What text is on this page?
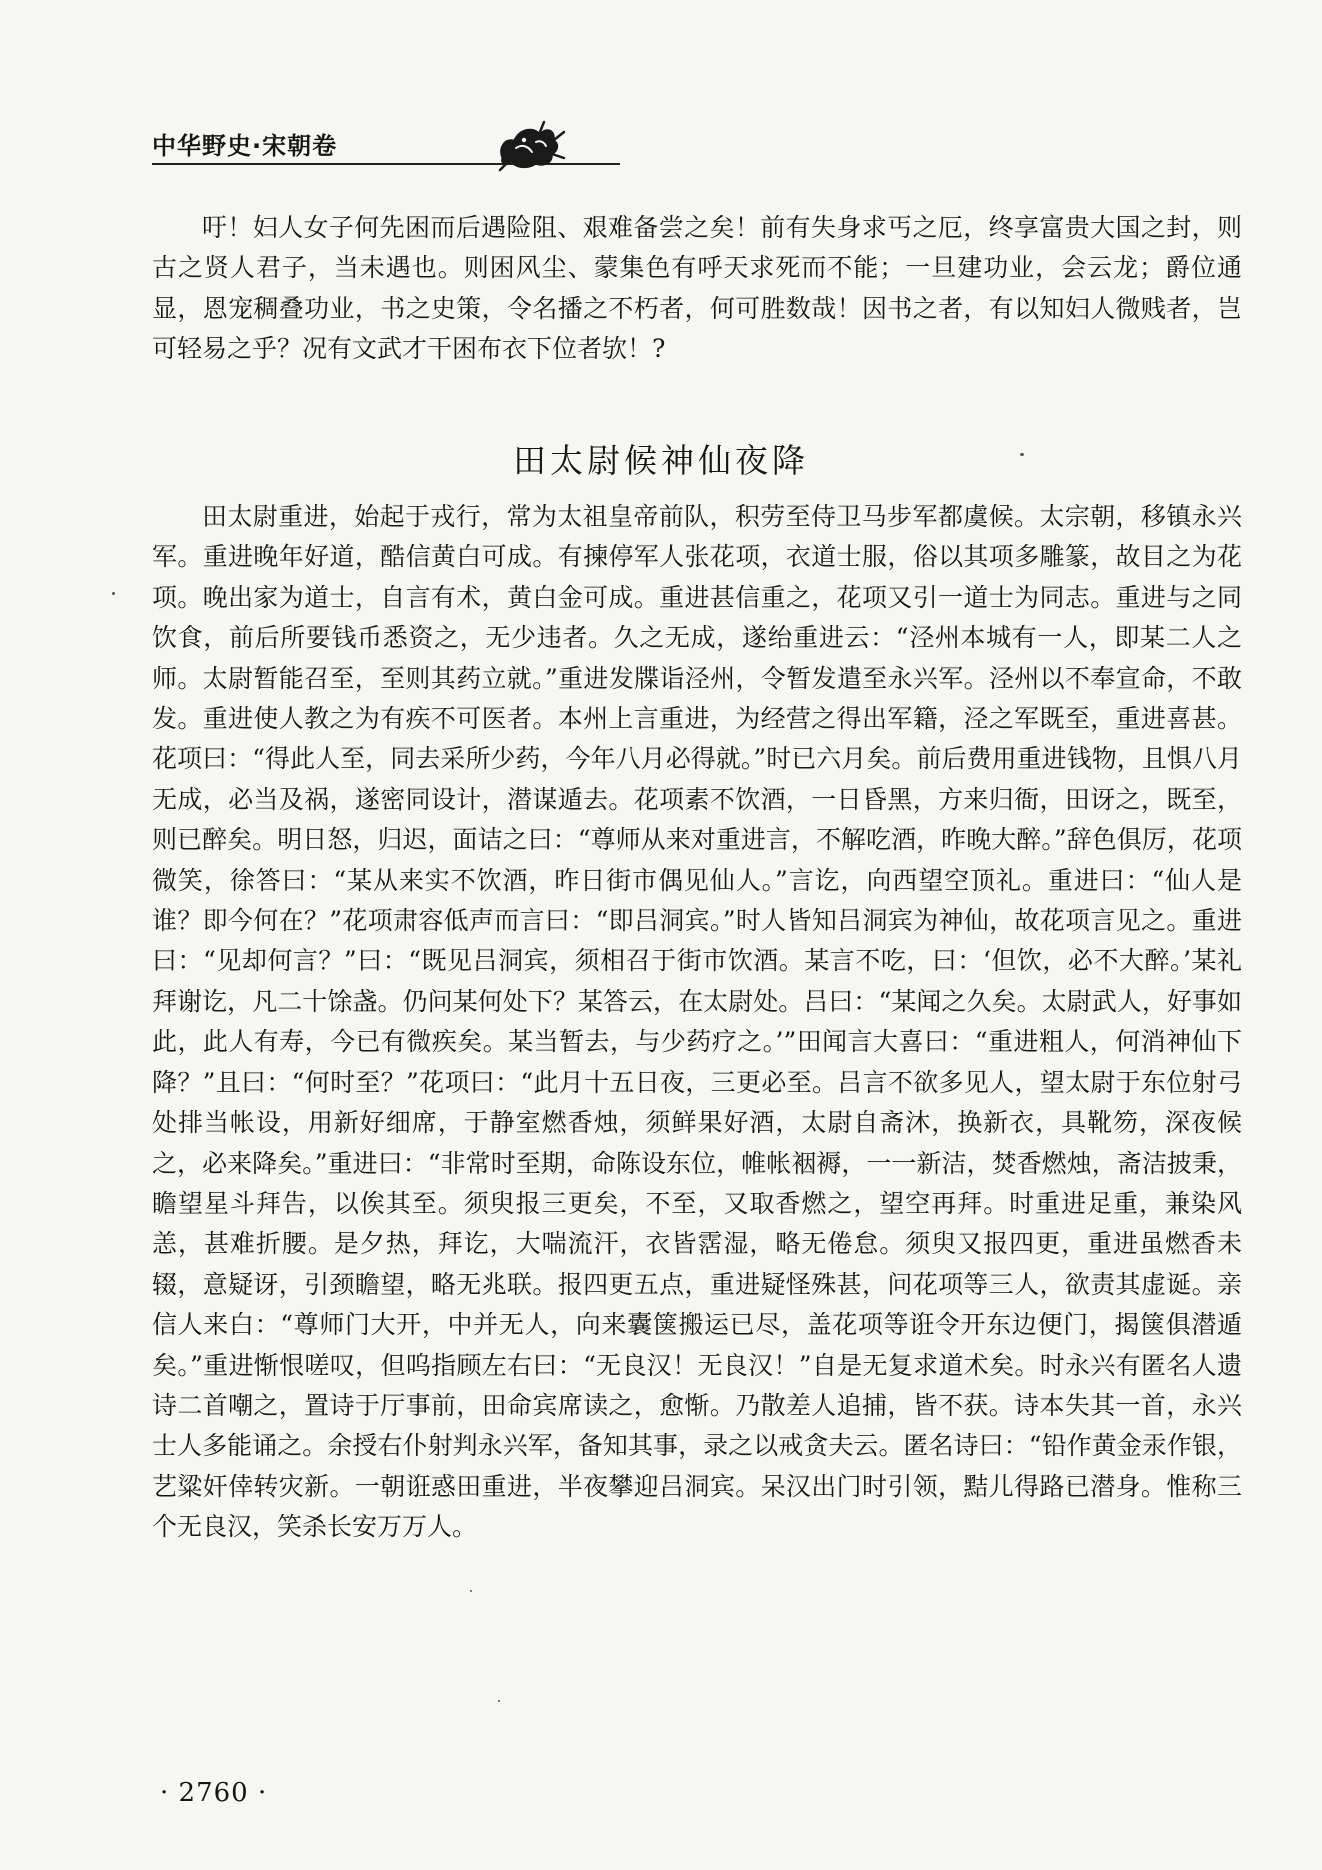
中华野史·宋朝卷

吁！妇人女子何先困而后遇险阻、艰难备尝之矣！前有失身求丐之厄，终享富贵大国之封，则古之贤人君子，当未遇也。则困风尘、蒙集色有呼天求死而不能；一旦建功业，会云龙；爵位通显，恩宠稠叠功业，书之史策，令名播之不朽者，何可胜数哉！因书之者，有以知妇人微贱者，岂可轻易之乎？况有文武才干困布衣下位者欤！?

田太尉候神仙夜降

田太尉重进，始起于戎行，常为太祖皇帝前队，积劳至侍卫马步军都虞候。太宗朝，移镇永兴军。重进晚年好道，酷信黄白可成。有揀停军人张花项，衣道士服，俗以其项多雕篆，故目之为花项。晚出家为道士，自言有术，黄白金可成。重进甚信重之，花项又引一道士为同志。重进与之同饮食，前后所要钱币悉资之，无少违者。久之无成，遂绐重进云：“泾州本城有一人，即某二人之师。太尉暂能召至，至则其药立就。”重进发牒诣泾州，令暂发遣至永兴军。泾州以不奉宣命，不敢发。重进使人教之为有疾不可医者。本州上言重进，为经营之得出军籍，泾之军既至，重进喜甚。花项曰：“得此人至，同去采所少药，今年八月必得就。”时已六月矣。前后费用重进钱物，且惧八月无成，必当及祸，遂密同设计，潜谋遁去。花项素不饮酒，一日昏黑，方来归衙，田讶之，既至，则已醉矣。明日怒，归迟，面诘之曰：“尊师从来对重进言，不解吃酒，昨晚大醉。”辞色俱厉，花项微笑，徐答曰：“某从来实不饮酒，昨日街市偶见仙人。”言讫，向西望空顶礼。重进曰：“仙人是谁？即今何在？”花项肃容低声而言曰：“即吕洞宾。”时人皆知吕洞宾为神仙，故花项言见之。重进曰：“见却何言？”曰：“既见吕洞宾，须相召于街市饮酒。某言不吃，曰：‘但饮，必不大醉。’某礼拜谢讫，凡二十馀盏。仍问某何处下？某答云，在太尉处。吕曰：“某闻之久矣。太尉武人，好事如此，此人有寿，今已有微疾矣。某当暂去，与少药疗之。’”田闻言大喜曰：“重进粗人，何消神仙下降？”且曰：“何时至？”花项曰：“此月十五日夜，三更必至。吕言不欲多见人，望太尉于东位射弓处排当帐设，用新好细席，于静室燃香烛，须鲜果好酒，太尉自斋沐，换新衣，具靴笏，深夜候之，必来降矣。”重进曰：“非常时至期，命陈设东位，帷帐裀褥，一一新洁，焚香燃烛，斋洁披秉，瞻望星斗拜告，以俟其至。须臾报三更矣，不至，又取香燃之，望空再拜。时重进足重，兼染风恙，甚难折腰。是夕热，拜讫，大喘流汗，衣皆霑湿，略无倦怠。须臾又报四更，重进虽燃香未辍，意疑讶，引颈瞻望，略无兆联。报四更五点，重进疑怪殊甚，问花项等三人，欲责其虚诞。亲信人来白：“尊师门大开，中并无人，向来囊箧搬运已尽，盖花项等诳令开东边便门，揭箧俱潜遁矣。”重进惭恨嗟叹，但呜指顾左右曰：“无良汉！无良汉！”自是无复求道术矣。时永兴有匿名人遗诗二首嘲之，置诗于厅事前，田命宾席读之，愈惭。乃散差人追捕，皆不获。诗本失其一首，永兴士人多能诵之。余授右仆射判永兴军，备知其事，录之以戒贪夫云。匿名诗曰：“铅作黄金汞作银，艺粱奸倖转灾新。一朝诳惑田重进，半夜攀迎吕洞宾。呆汉出门时引领，黠儿得路已潜身。惟称三个无良汉，笑杀长安万万人。

· 2760 ·
